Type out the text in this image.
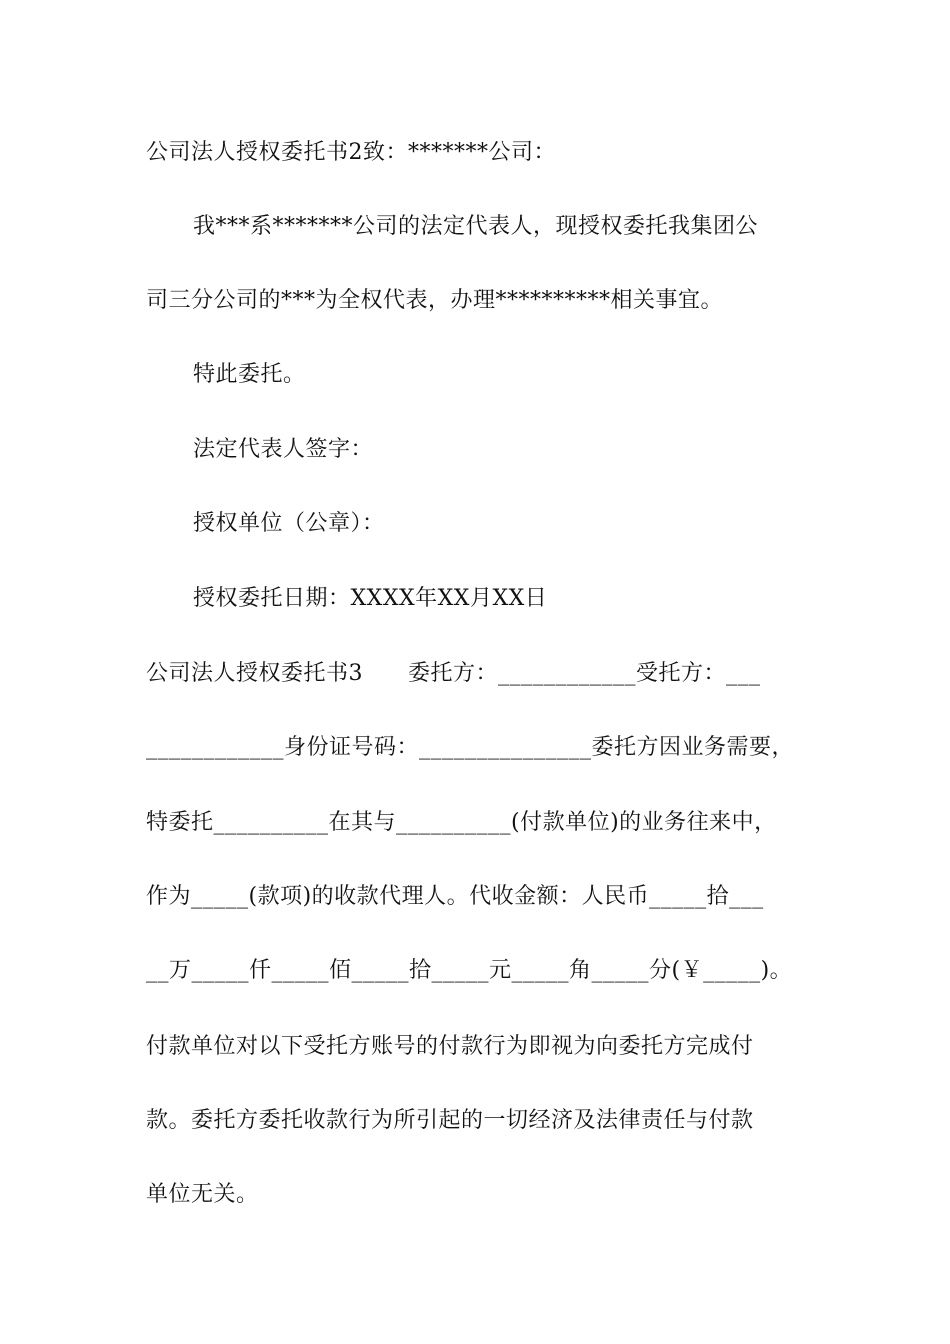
公司法人授权委托书2致：*******公司：
我***系*******公司的法定代表人，现授权委托我集团公
司三分公司的***为全权代表，办理**********相关事宜。
特此委托。
法定代表人签字：
授权单位（公章）：
授权委托日期：XXXX年XX月XX日
公司法人授权委托书3　　委托方：____________受托方：___
____________身份证号码：_______________委托方因业务需要，
特委托__________在其与__________(付款单位)的业务往来中，
作为_____(款项)的收款代理人。代收金额：人民币_____拾___
__万_____仟_____佰_____拾_____元_____角_____分(￥_____)。
付款单位对以下受托方账号的付款行为即视为向委托方完成付
款。委托方委托收款行为所引起的一切经济及法律责任与付款
单位无关。
